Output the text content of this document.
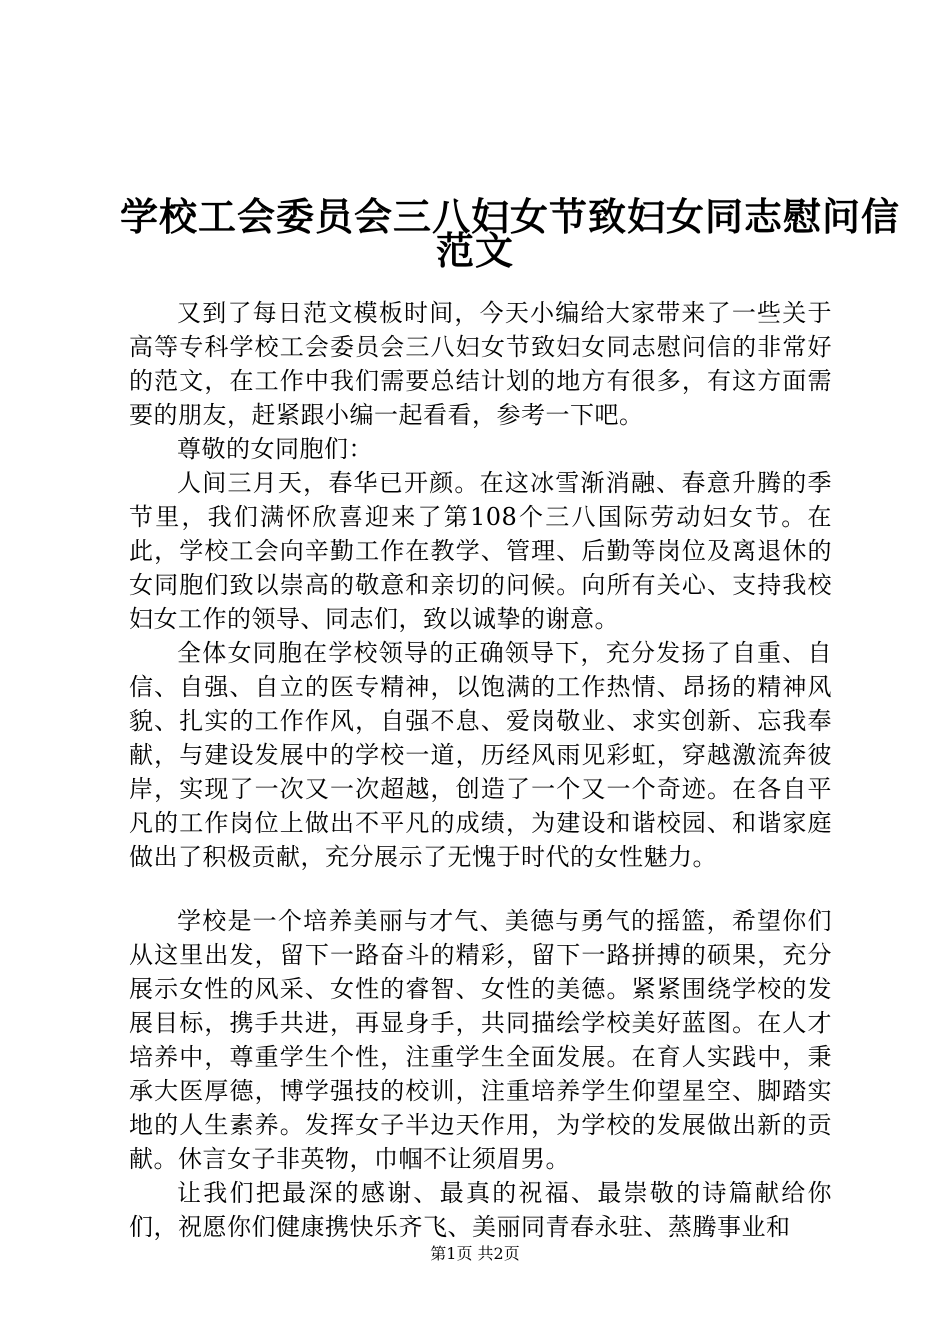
学校工会委员会三八妇女节致妇女同志慰问信
范文

又到了每日范文模板时间，今天小编给大家带来了一些关于高等专科学校工会委员会三八妇女节致妇女同志慰问信的非常好的范文，在工作中我们需要总结计划的地方有很多，有这方面需要的朋友，赶紧跟小编一起看看，参考一下吧。

尊敬的女同胞们：

人间三月天，春华已开颜。在这冰雪渐消融、春意升腾的季节里，我们满怀欣喜迎来了第108个三八国际劳动妇女节。在此，学校工会向辛勤工作在教学、管理、后勤等岗位及离退休的女同胞们致以崇高的敬意和亲切的问候。向所有关心、支持我校妇女工作的领导、同志们，致以诚挚的谢意。

全体女同胞在学校领导的正确领导下，充分发扬了自重、自信、自强、自立的医专精神，以饱满的工作热情、昂扬的精神风貌、扎实的工作作风，自强不息、爱岗敬业、求实创新、忘我奉献，与建设发展中的学校一道，历经风雨见彩虹，穿越激流奔彼岸，实现了一次又一次超越，创造了一个又一个奇迹。在各自平凡的工作岗位上做出不平凡的成绩，为建设和谐校园、和谐家庭做出了积极贡献，充分展示了无愧于时代的女性魅力。

学校是一个培养美丽与才气、美德与勇气的摇篮，希望你们从这里出发，留下一路奋斗的精彩，留下一路拼搏的硕果，充分展示女性的风采、女性的睿智、女性的美德。紧紧围绕学校的发展目标，携手共进，再显身手，共同描绘学校美好蓝图。在人才培养中，尊重学生个性，注重学生全面发展。在育人实践中，秉承大医厚德，博学强技的校训，注重培养学生仰望星空、脚踏实地的人生素养。发挥女子半边天作用，为学校的发展做出新的贡献。休言女子非英物，巾帼不让须眉男。

让我们把最深的感谢、最真的祝福、最崇敬的诗篇献给你们，祝愿你们健康携快乐齐飞、美丽同青春永驻、蒸腾事业和

第1页 共2页
